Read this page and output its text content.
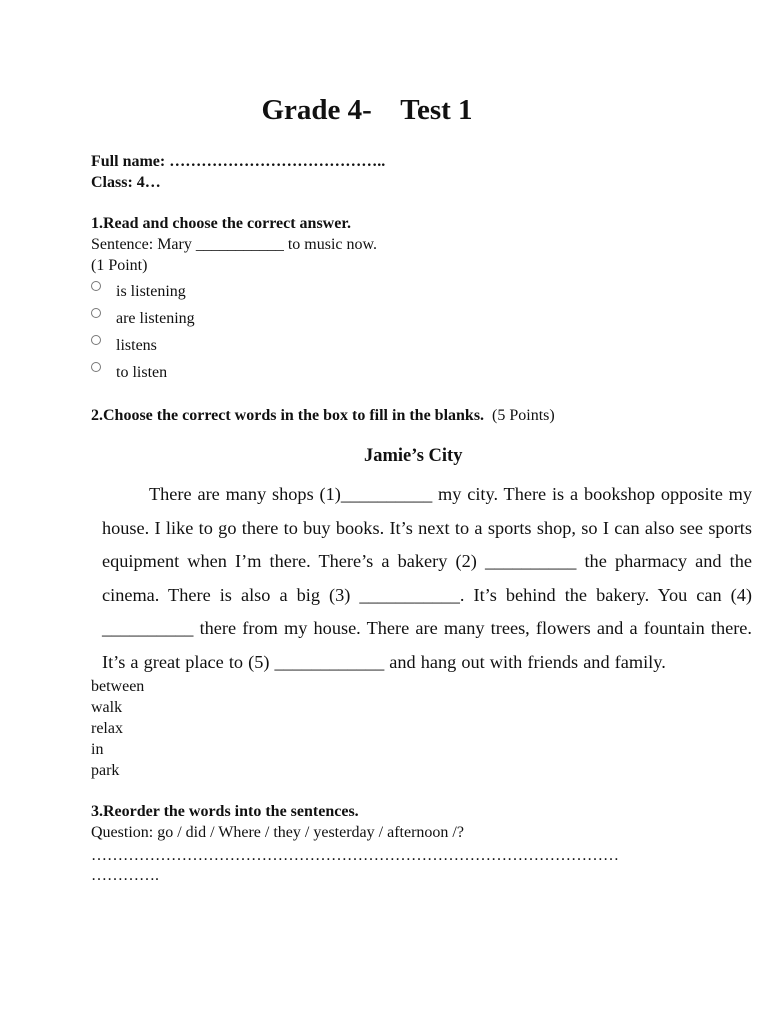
Grade 4-    Test 1
Full name: …………………………………..
Class: 4…
1.Read and choose the correct answer.
Sentence: Mary ___________ to music now.
(1 Point)
is listening
are listening
listens
to listen
2.Choose the correct words in the box to fill in the blanks. (5 Points)
Jamie’s City
There are many shops (1)__________ my city. There is a bookshop opposite my house. I like to go there to buy books. It’s next to a sports shop, so I can also see sports equipment when I’m there. There’s a bakery (2) __________ the pharmacy and the cinema. There is also a big (3) ___________. It’s behind the bakery. You can (4) __________ there from my house. There are many trees, flowers and a fountain there. It’s a great place to (5) ____________ and hang out with friends and family.
between
walk
relax
in
park
3.Reorder the words into the sentences.
Question: go / did / Where / they / yesterday / afternoon /?
………………………………………………………………………………………
………….
